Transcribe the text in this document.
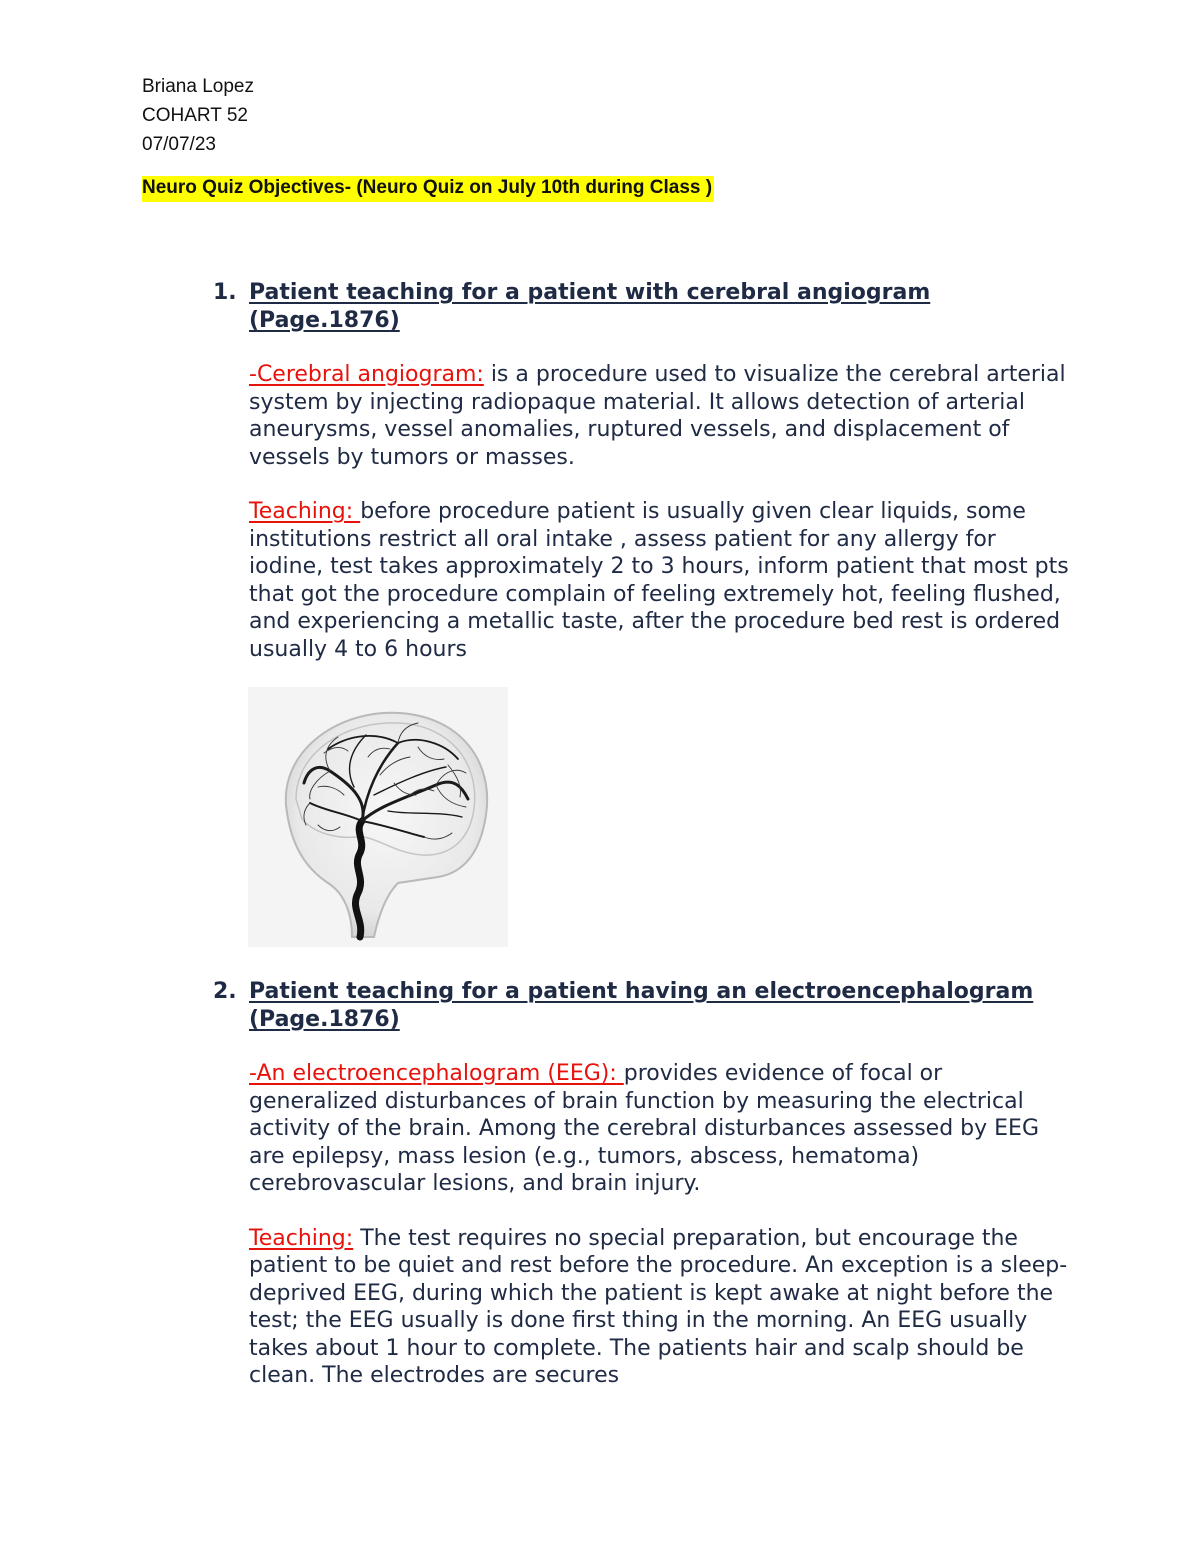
Briana Lopez
COHART 52
07/07/23
Neuro Quiz Objectives- (Neuro Quiz on July 10th during Class )
1. Patient teaching for a patient with cerebral angiogram (Page.1876)
-Cerebral angiogram: is a procedure used to visualize the cerebral arterial system by injecting radiopaque material. It allows detection of arterial aneurysms, vessel anomalies, ruptured vessels, and displacement of vessels by tumors or masses.
Teaching: before procedure patient is usually given clear liquids, some institutions restrict all oral intake , assess patient for any allergy for iodine, test takes approximately 2 to 3 hours, inform patient that most pts that got the procedure complain of feeling extremely hot, feeling flushed, and experiencing a metallic taste, after the procedure bed rest is ordered usually 4 to 6 hours
2. Patient teaching for a patient having an electroencephalogram (Page.1876)
-An electroencephalogram (EEG): provides evidence of focal or generalized disturbances of brain function by measuring the electrical activity of the brain. Among the cerebral disturbances assessed by EEG are epilepsy, mass lesion (e.g., tumors, abscess, hematoma) cerebrovascular lesions, and brain injury.
Teaching: The test requires no special preparation, but encourage the patient to be quiet and rest before the procedure. An exception is a sleep-deprived EEG, during which the patient is kept awake at night before the test; the EEG usually is done first thing in the morning. An EEG usually takes about 1 hour to complete. The patients hair and scalp should be clean. The electrodes are secures
